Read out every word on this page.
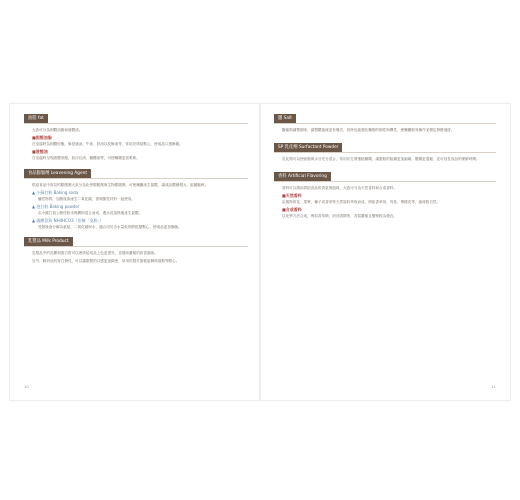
油脂 fat
大致可分為固體油脂和液體油。
■固態油脂
在室溫時為固體形態，像是豬油、牛油、奶油以及酥油等，常用於烘焙點心，使成品口感酥鬆。
■液態油
在室溫時呈現液體形態，如沙拉油、橄欖油等，可使麵團更加柔軟。
食品膨脹劑 Leavening Agent
烘焙食品中常見的膨脹劑大致分為化學膨脹劑與生物膨脹劑，可使麵團產生氣體，讓成品體積增大、組織鬆軟。
▲ 小蘇打粉 Baking soda
鹼性物質，加熱後會產生二氧化碳，需與酸性材料一起使用。
▲ 泡打粉 Baking powder
由小蘇打加上酸性粉末與澱粉混合而成，遇水及加熱後產生氣體。
▲ 碳酸氫銨 NH4HCO3（俗稱「臭粉」）
受熱後會分解為氨氣、二氧化碳與水，適合用於含水量低的餅乾類點心，使成品更加酥脆。
乳製品 Milk Product
乳製品中的乳糖和蛋白質可以使烘焙成品上色更漂亮，並增添濃郁的奶香風味。
另外，鮮奶油具有打發性，可以讓甜點的口感更加綿密，常用於製作蛋糕裝飾與慕斯等點心。
10
鹽 Salt
鹽能夠調整甜味，讓整體風味更有層次，同時也能強化麵筋的韌性與彈性，使麵團較易操作並穩定發酵速度。
SP 乳化劑 Surfactant Powder
乳化劑可以使油脂與水分充分混合，常用於打發蛋糕麵糊，讓蛋糕的組織更加細緻、體積更蓬鬆，並可延長成品的保鮮時間。
香料 Artificial Flavoring
香料可以增添烘焙食品的香氣與風味，大致可分為天然香料和合成香料。
■天然香料
由植物的花、果實、種子或香草等天然原料萃取而成，例如香草莢、肉桂、檸檬皮等，風味較自然。
■合成香料
以化學方法合成，例如香草精、奶油香精等，香氣濃郁且價格較為便宜。
11
